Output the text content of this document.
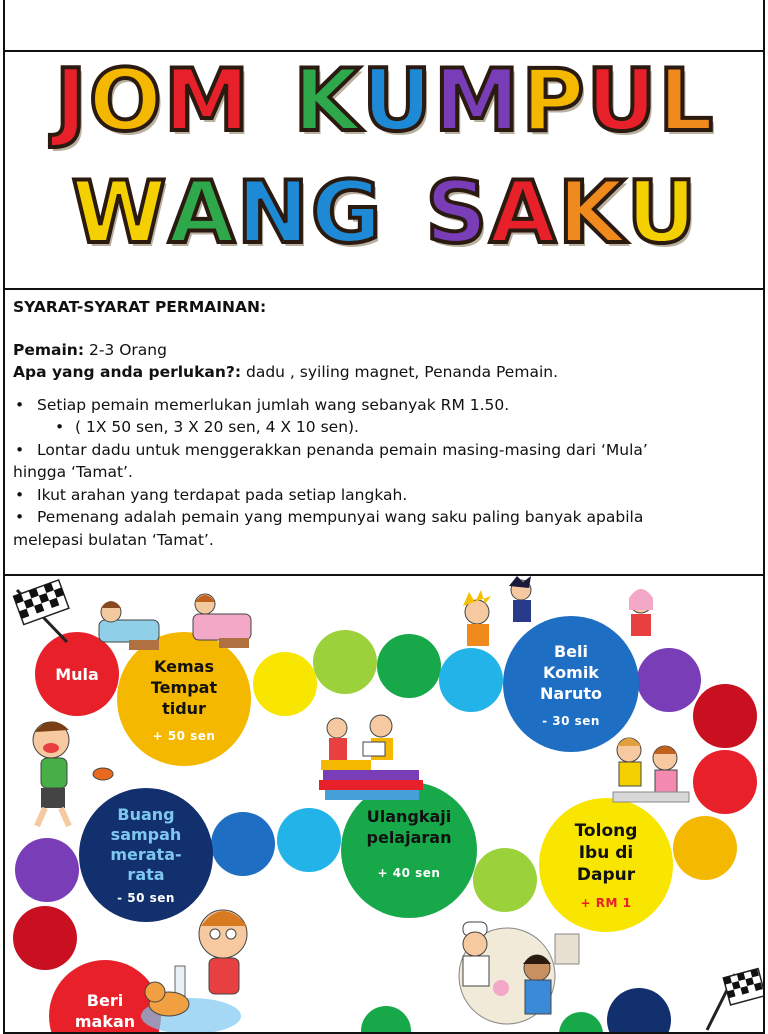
JOM KUMPUL
WANG SAKU
SYARAT-SYARAT PERMAINAN:
Pemain: 2-3 Orang
Apa yang anda perlukan?: dadu , syiling magnet, Penanda Pemain.
• Setiap pemain memerlukan jumlah wang sebanyak RM 1.50.
• ( 1X 50 sen, 3 X 20 sen, 4 X 10 sen).
• Lontar dadu untuk menggerakkan penanda pemain masing-masing dari ‘Mula’
hingga ‘Tamat’.
• Ikut arahan yang terdapat pada setiap langkah.
• Pemenang adalah pemain yang mempunyai wang saku paling banyak apabila
melepasi bulatan ‘Tamat’.
Mula	Kemas
Tempat
tidur
+ 50 sen
Beli
Komik
Naruto
- 30 sen
Buang
sampah
merata-
rata
- 50 sen
Ulangkaji
pelajaran
+ 40 sen
Tolong
Ibu di
Dapur
+ RM 1
Beri
makan
